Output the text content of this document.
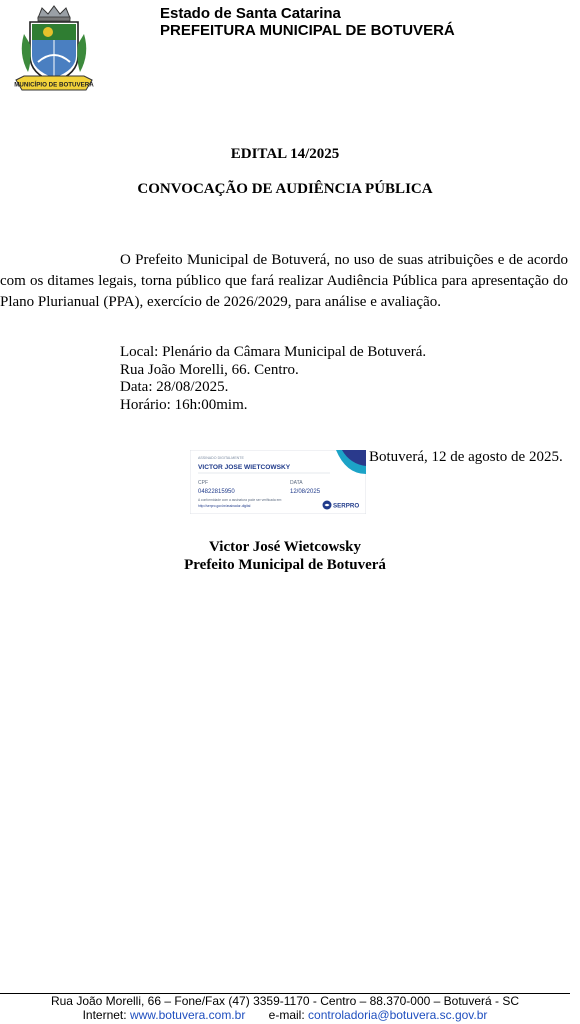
MUNICÍPIO DE BOTUVERÁ
Estado de Santa Catarina
PREFEITURA MUNICIPAL DE BOTUVERÁ
EDITAL 14/2025
CONVOCAÇÃO DE AUDIÊNCIA PÚBLICA
O Prefeito Municipal de Botuverá, no uso de suas atribuições e de acordo com os ditames legais, torna público que fará realizar Audiência Pública para apresentação do Plano Plurianual (PPA), exercício de 2026/2029, para análise e avaliação.
Local: Plenário da Câmara Municipal de Botuverá.
Rua João Morelli, 66. Centro.
Data: 28/08/2025.
Horário: 16h:00mim.
ASSINADO DIGITALMENTE
VICTOR JOSE WIETCOWSKY
CPF
04822815950
DATA
12/08/2025
A conformidade com a assinatura pode ser verificada em:
http://serpro.gov.br/assinador-digital	SERPRO
Botuverá, 12 de agosto de 2025.
Victor José Wietcowsky
Prefeito Municipal de Botuverá
Rua João Morelli, 66 – Fone/Fax (47) 3359-1170 - Centro – 88.370-000 – Botuverá - SC
Internet: www.botuvera.com.br e-mail: controladoria@botuvera.sc.gov.br
